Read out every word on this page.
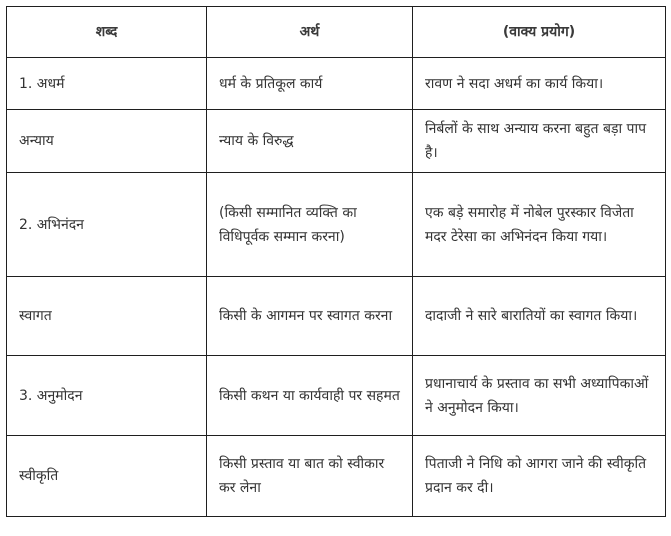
शब्द	अर्थ	(वाक्य प्रयोग)
1. अधर्म	धर्म के प्रतिकूल कार्य	रावण ने सदा अधर्म का कार्य किया।
अन्याय	न्याय के विरुद्ध	निर्बलों के साथ अन्याय करना बहुत बड़ा पाप है।
2. अभिनंदन	(किसी सम्मानित व्यक्ति का विधिपूर्वक सम्मान करना)	एक बड़े समारोह में नोबेल पुरस्कार विजेता मदर टेरेसा का अभिनंदन किया गया।
स्वागत	किसी के आगमन पर स्वागत करना	दादाजी ने सारे बारातियों का स्वागत किया।
3. अनुमोदन	किसी कथन या कार्यवाही पर सहमत	प्रधानाचार्य के प्रस्ताव का सभी अध्यापिकाओं ने अनुमोदन किया।
स्वीकृति	किसी प्रस्ताव या बात को स्वीकार कर लेना	पिताजी ने निधि को आगरा जाने की स्वीकृति प्रदान कर दी।
